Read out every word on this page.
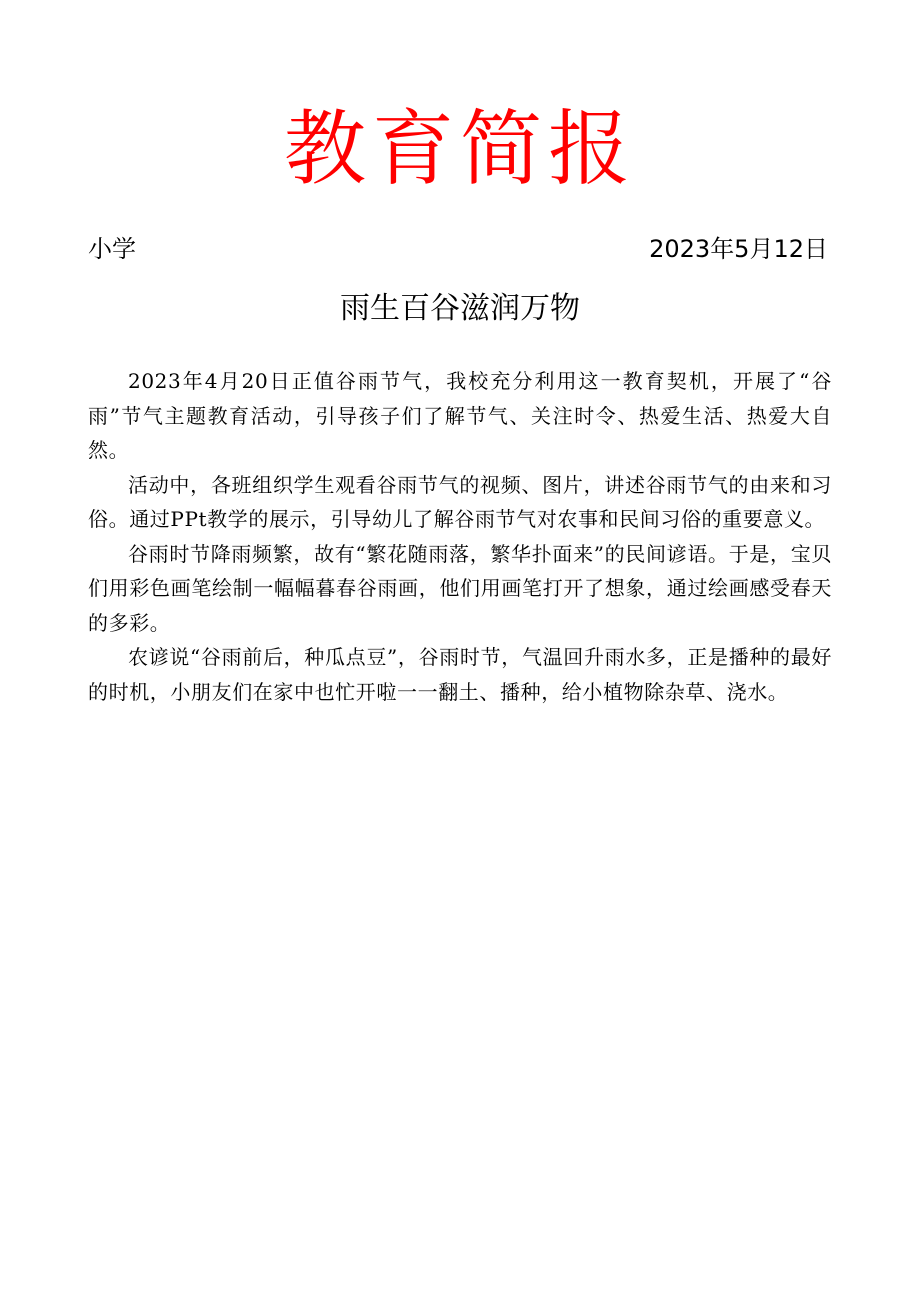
教育简报
小学	2023年5月12日
雨生百谷滋润万物

2023年4月20日正值谷雨节气，我校充分利用这一教育契机，开展了“谷雨”节气主题教育活动，引导孩子们了解节气、关注时令、热爱生活、热爱大自然。

活动中，各班组织学生观看谷雨节气的视频、图片，讲述谷雨节气的由来和习俗。通过PPt教学的展示，引导幼儿了解谷雨节气对农事和民间习俗的重要意义。

谷雨时节降雨频繁，故有“繁花随雨落，繁华扑面来”的民间谚语。于是，宝贝们用彩色画笔绘制一幅幅暮春谷雨画，他们用画笔打开了想象，通过绘画感受春天的多彩。

农谚说“谷雨前后，种瓜点豆”，谷雨时节，气温回升雨水多，正是播种的最好的时机，小朋友们在家中也忙开啦一一翻土、播种，给小植物除杂草、浇水。
